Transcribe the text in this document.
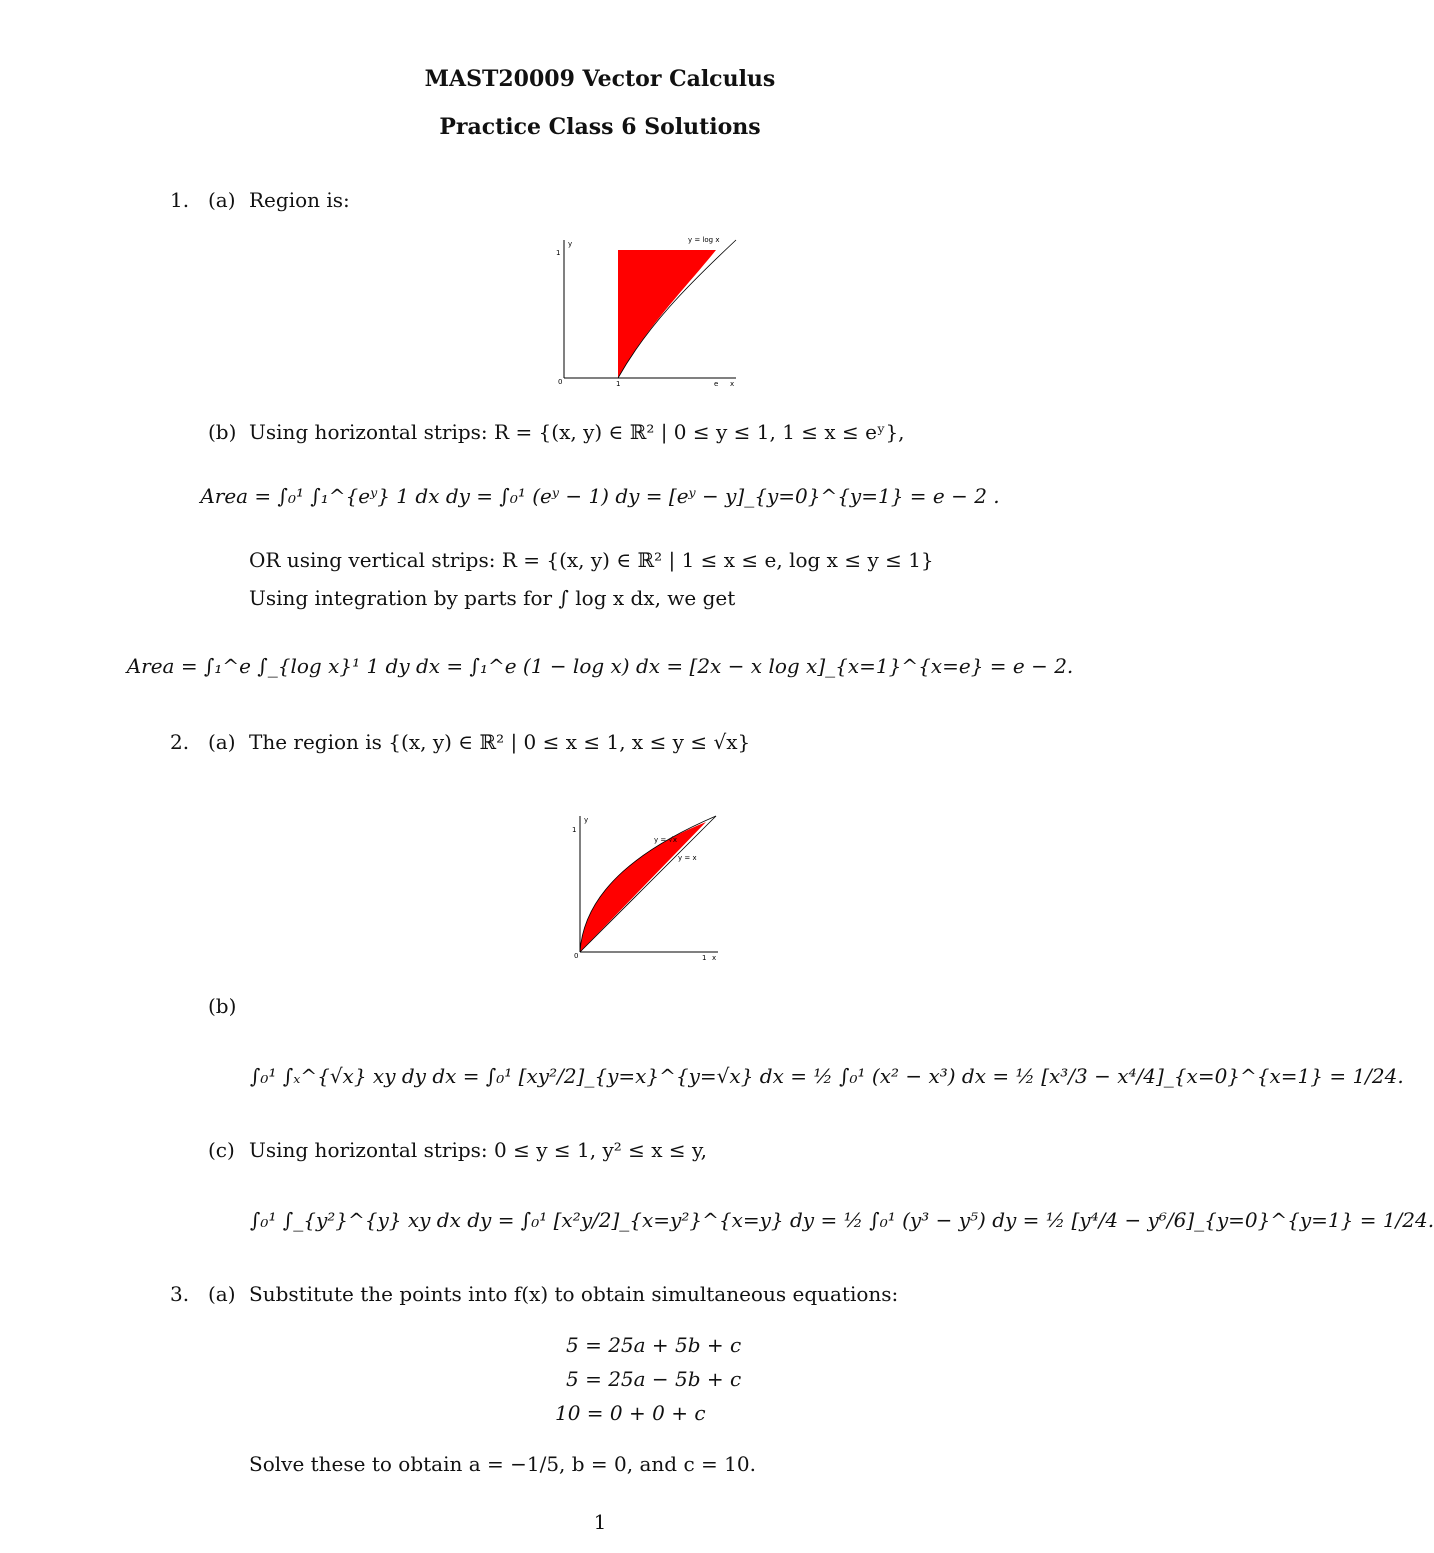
MAST20009 Vector Calculus
Practice Class 6 Solutions
1. (a) Region is:
y
1
0	1	e x
y = log x
(b) Using horizontal strips: R = {(x, y) ∈ ℝ² | 0 ≤ y ≤ 1, 1 ≤ x ≤ eʸ},
Area = ∫₀¹ ∫₁^{eʸ} 1 dx dy = ∫₀¹ (eʸ − 1) dy = [eʸ − y]_{y=0}^{y=1} = e − 2 .
OR using vertical strips: R = {(x, y) ∈ ℝ² | 1 ≤ x ≤ e, log x ≤ y ≤ 1}
Using integration by parts for ∫ log x dx, we get
Area = ∫₁^e ∫_{log x}¹ 1 dy dx = ∫₁^e (1 − log x) dx = [2x − x log x]_{x=1}^{x=e} = e − 2.
2. (a) The region is {(x, y) ∈ ℝ² | 0 ≤ x ≤ 1, x ≤ y ≤ √x}
y
1
0	1 x
y = √x
y = x
(b)
∫₀¹ ∫ₓ^{√x} xy dy dx = ∫₀¹ [xy²/2]_{y=x}^{y=√x} dx = ½ ∫₀¹ (x² − x³) dx = ½ [x³/3 − x⁴/4]_{x=0}^{x=1} = 1/24.
(c) Using horizontal strips: 0 ≤ y ≤ 1, y² ≤ x ≤ y,
∫₀¹ ∫_{y²}^{y} xy dx dy = ∫₀¹ [x²y/2]_{x=y²}^{x=y} dy = ½ ∫₀¹ (y³ − y⁵) dy = ½ [y⁴/4 − y⁶/6]_{y=0}^{y=1} = 1/24.
3. (a) Substitute the points into f(x) to obtain simultaneous equations:
5 = 25a + 5b + c
5 = 25a − 5b + c
10 = 0 + 0 + c
Solve these to obtain a = −1/5, b = 0, and c = 10.
1
